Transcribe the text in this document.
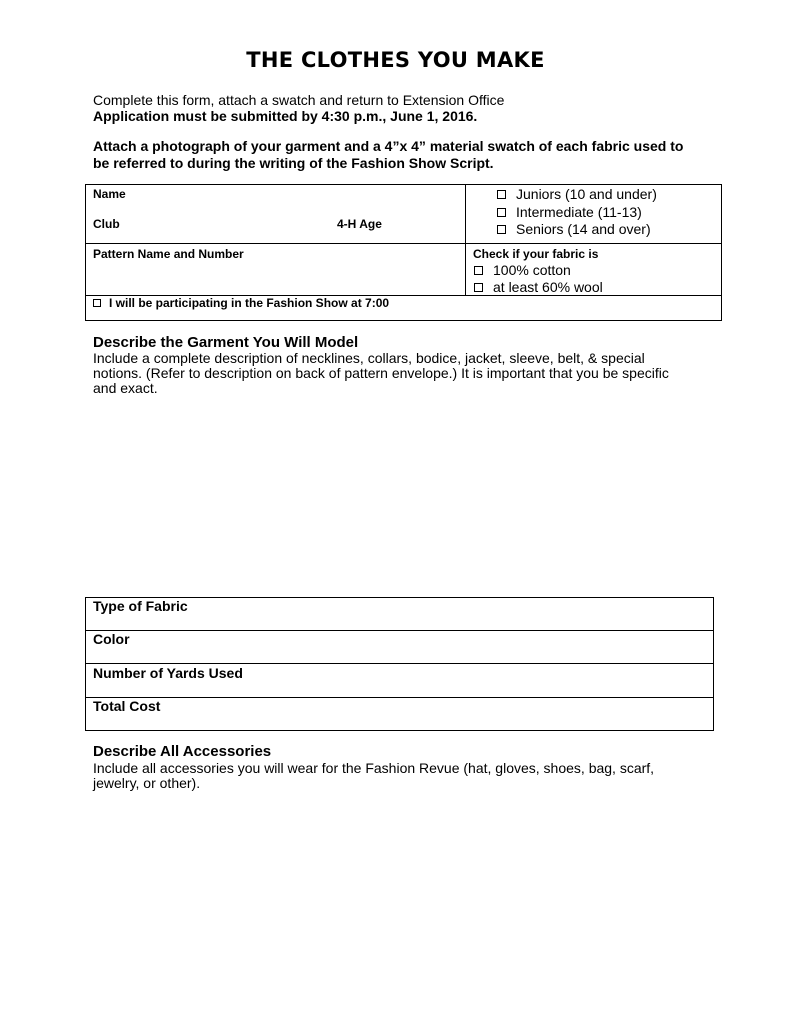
THE CLOTHES YOU MAKE
Complete this form, attach a swatch and return to Extension Office
Application must be submitted by 4:30 p.m., June 1, 2016.
Attach a photograph of your garment and a 4”x 4” material swatch of each fabric used to
be referred to during the writing of the Fashion Show Script.
Name
Club	4-H Age
Juniors (10 and under)
Intermediate (11-13)
Seniors (14 and over)
Pattern Name and Number	Check if your fabric is
100% cotton
at least 60% wool
I will be participating in the Fashion Show at 7:00
Describe the Garment You Will Model
Include a complete description of necklines, collars, bodice, jacket, sleeve, belt, & special
notions. (Refer to description on back of pattern envelope.) It is important that you be specific
and exact.
Type of Fabric
Color
Number of Yards Used
Total Cost
Describe All Accessories
Include all accessories you will wear for the Fashion Revue (hat, gloves, shoes, bag, scarf,
jewelry, or other).
